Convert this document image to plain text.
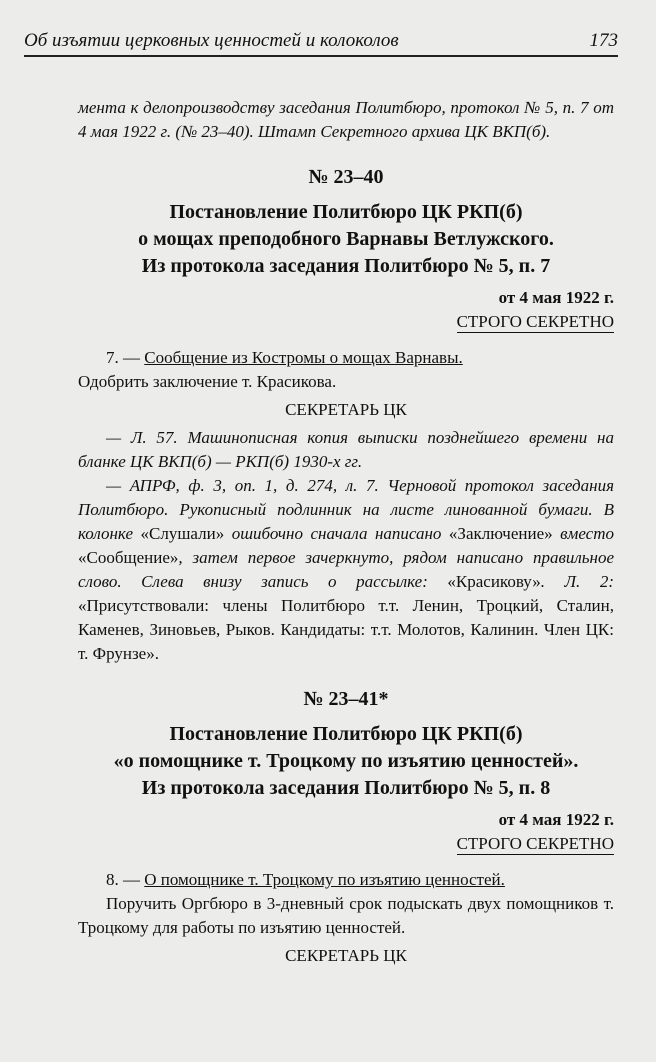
Об изъятии церковных ценностей и колоколов	173

мента к делопроизводству заседания Политбюро, протокол № 5, п. 7 от 4 мая 1922 г. (№ 23–40). Штамп Секретного архива ЦК ВКП(б).

№ 23–40

Постановление Политбюро ЦК РКП(б)

о мощах преподобного Варнавы Ветлужского.

Из протокола заседания Политбюро № 5, п. 7

от 4 мая 1922 г.
СТРОГО СЕКРЕТНО

7. — Сообщение из Костромы о мощах Варнавы.

Одобрить заключение т. Красикова.

СЕКРЕТАРЬ ЦК

— Л. 57. Машинописная копия выписки позднейшего времени на бланке ЦК ВКП(б) — РКП(б) 1930-х гг.

— АПРФ, ф. 3, оп. 1, д. 274, л. 7. Черновой протокол заседания Политбюро. Рукописный подлинник на листе линованной бумаги. В колонке «Слушали» ошибочно сначала написано «Заключение» вместо «Сообщение», затем первое зачеркнуто, рядом написано правильное слово. Слева внизу запись о рассылке: «Красикову». Л. 2: «Присутствовали: члены Политбюро т.т. Ленин, Троцкий, Сталин, Каменев, Зиновьев, Рыков. Кандидаты: т.т. Молотов, Калинин. Член ЦК: т. Фрунзе».

№ 23–41*

Постановление Политбюро ЦК РКП(б)

«о помощнике т. Троцкому по изъятию ценностей».

Из протокола заседания Политбюро № 5, п. 8

от 4 мая 1922 г.
СТРОГО СЕКРЕТНО

8. — О помощнике т. Троцкому по изъятию ценностей.

Поручить Оргбюро в 3-дневный срок подыскать двух помощников т. Троцкому для работы по изъятию ценностей.

СЕКРЕТАРЬ ЦК
